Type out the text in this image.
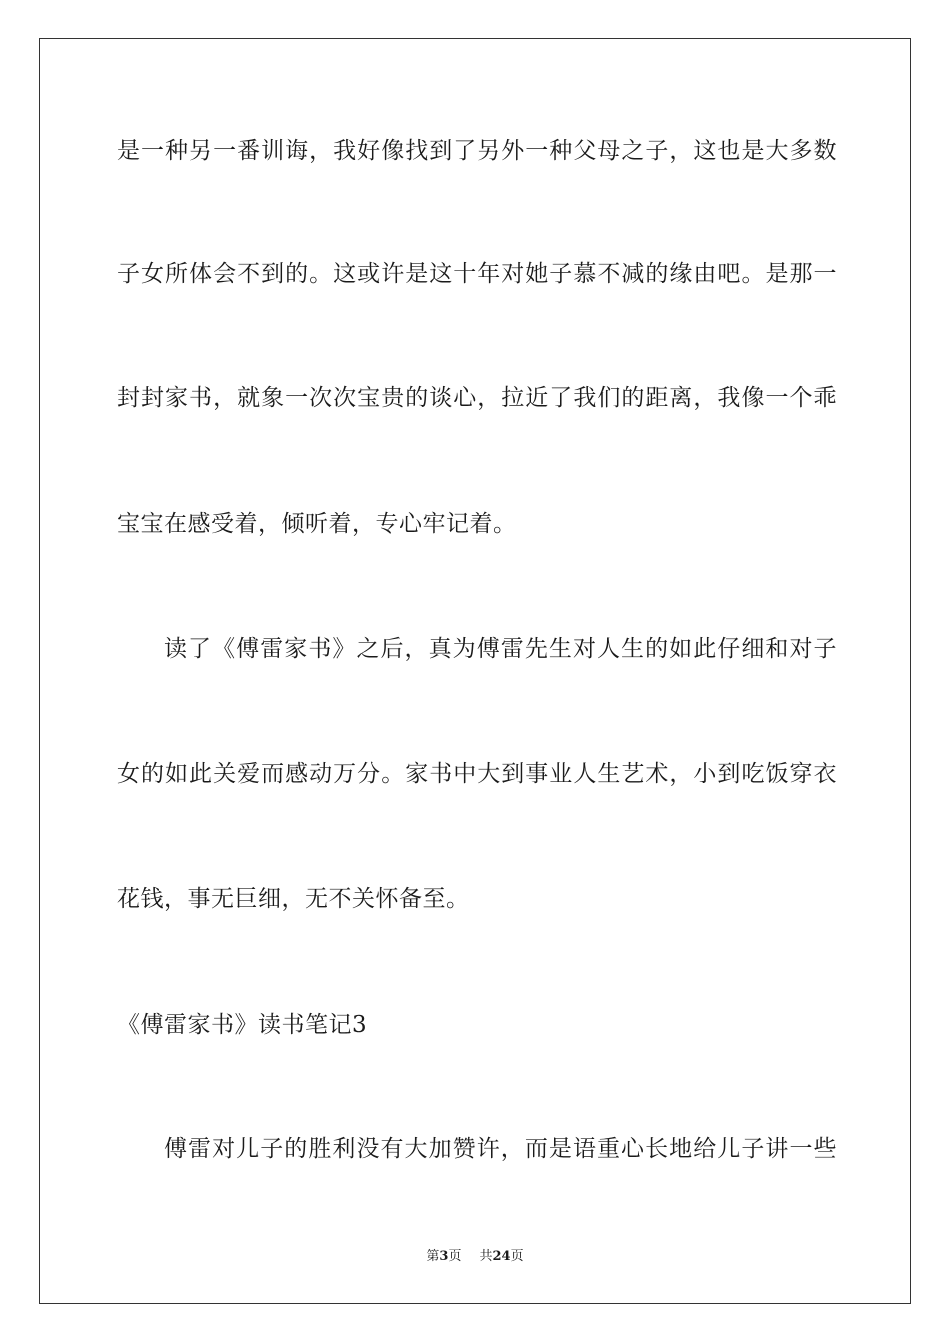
是一种另一番训诲，我好像找到了另外一种父母之子，这也是大多数
子女所体会不到的。这或许是这十年对她子慕不减的缘由吧。是那一
封封家书，就象一次次宝贵的谈心，拉近了我们的距离，我像一个乖
宝宝在感受着，倾听着，专心牢记着。
读了《傅雷家书》之后，真为傅雷先生对人生的如此仔细和对子
女的如此关爱而感动万分。家书中大到事业人生艺术，小到吃饭穿衣
花钱，事无巨细，无不关怀备至。
《傅雷家书》读书笔记3
傅雷对儿子的胜利没有大加赞许，而是语重心长地给儿子讲一些
第3页 共24页
